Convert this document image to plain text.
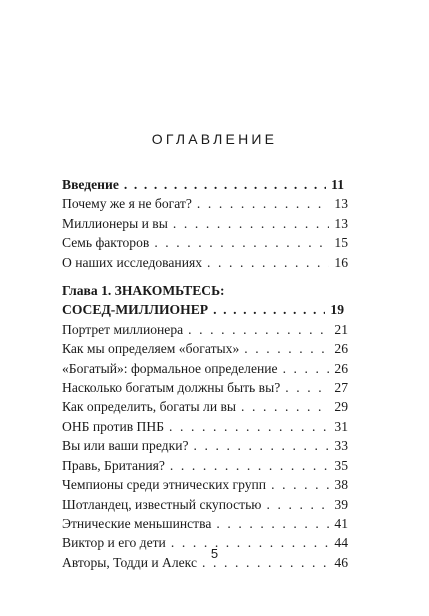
ОГЛАВЛЕНИЕ
Введение . . .	11
Почему же я не богат? . . .	13
Миллионеры и вы . . .	13
Семь факторов . . .	15
О наших исследованиях . . .	16
Глава 1. ЗНАКОМЬТЕСЬ:
СОСЕД-МИЛЛИОНЕР . . .	19
Портрет миллионера . . .	21
Как мы определяем «богатых» . . .	26
«Богатый»: формальное определение . . .	26
Насколько богатым должны быть вы? . . .	27
Как определить, богаты ли вы . . .	29
ОНБ против ПНБ . . .	31
Вы или ваши предки? . . .	33
Правь, Британия? . . .	35
Чемпионы среди этнических групп . . .	38
Шотландец, известный скупостью . . .	39
Этнические меньшинства . . .	41
Виктор и его дети . . .	44
Авторы, Тодди и Алекс . . .	46
5
